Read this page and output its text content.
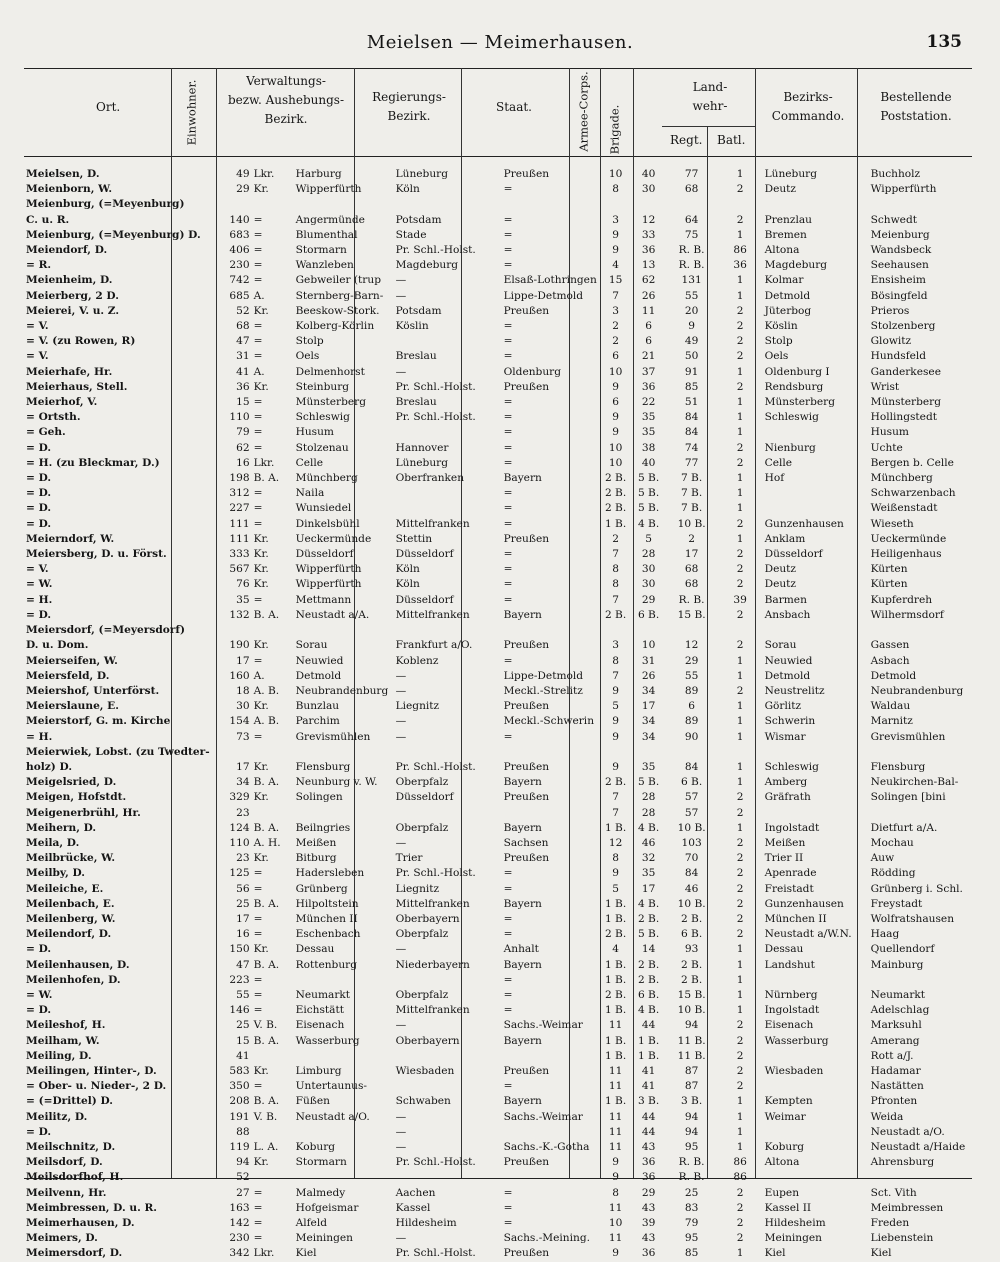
Meielsen — Meimerhausen.	135
Ort.	Einwohner.	Verwaltungs-
bezw. Aushebungs-
Bezirk.
Regierungs-
Bezirk.
Staat.	Armee-Corps. Brigade.
Land-
wehr-
Regt. Batl.
Bezirks-
Commando.
Bestellende
Poststation.
Meielsen, D.	49	Lkr.	Harburg	Lüneburg	Preußen	10	40	77	1	Lüneburg	Buchholz
Meienborn, W.	29	Kr.	Wipperfürth	Köln	=	8	30	68	2	Deutz	Wipperfürth
Meienburg, (=Meyenburg)											
C. u. R.	140	=	Angermünde	Potsdam	=	3	12	64	2	Prenzlau	Schwedt
Meienburg, (=Meyenburg) D.	683	=	Blumenthal	Stade	=	9	33	75	1	Bremen	Meienburg
Meiendorf, D.	406	=	Stormarn	Pr. Schl.-Holst.	=	9	36	R. B.	86	Altona	Wandsbeck
= R.	230	=	Wanzleben	Magdeburg	=	4	13	R. B.	36	Magdeburg	Seehausen
Meienheim, D.	742	=	Gebweiler (trup	—	Elsaß-Lothringen	15	62	131	1	Kolmar	Ensisheim
Meierberg, 2 D.	685	A.	Sternberg-Barn-	—	Lippe-Detmold	7	26	55	1	Detmold	Bösingfeld
Meierei, V. u. Z.	52	Kr.	Beeskow-Stork.	Potsdam	Preußen	3	11	20	2	Jüterbog	Prieros
= V.	68	=	Kolberg-Körlin	Köslin	=	2	6	9	2	Köslin	Stolzenberg
= V. (zu Rowen, R)	47	=	Stolp		=	2	6	49	2	Stolp	Glowitz
= V.	31	=	Oels	Breslau	=	6	21	50	2	Oels	Hundsfeld
Meierhafe, Hr.	41	A.	Delmenhorst	—	Oldenburg	10	37	91	1	Oldenburg I	Ganderkesee
Meierhaus, Stell.	36	Kr.	Steinburg	Pr. Schl.-Holst.	Preußen	9	36	85	2	Rendsburg	Wrist
Meierhof, V.	15	=	Münsterberg	Breslau	=	6	22	51	1	Münsterberg	Münsterberg
= Ortsth.	110	=	Schleswig	Pr. Schl.-Holst.	=	9	35	84	1	Schleswig	Hollingstedt
= Geh.	79	=	Husum		=	9	35	84	1		Husum
= D.	62	=	Stolzenau	Hannover	=	10	38	74	2	Nienburg	Uchte
= H. (zu Bleckmar, D.)	16	Lkr.	Celle	Lüneburg	=	10	40	77	2	Celle	Bergen b. Celle
= D.	198	B. A.	Münchberg	Oberfranken	Bayern	2 B.	5 B.	7 B.	1	Hof	Münchberg
= D.	312	=	Naila		=	2 B.	5 B.	7 B.	1		Schwarzenbach
= D.	227	=	Wunsiedel		=	2 B.	5 B.	7 B.	1		Weißenstadt
= D.	111	=	Dinkelsbühl	Mittelfranken	=	1 B.	4 B.	10 B.	2	Gunzenhausen	Wieseth
Meierndorf, W.	111	Kr.	Ueckermünde	Stettin	Preußen	2	5	2	1	Anklam	Ueckermünde
Meiersberg, D. u. Först.	333	Kr.	Düsseldorf	Düsseldorf	=	7	28	17	2	Düsseldorf	Heiligenhaus
= V.	567	Kr.	Wipperfürth	Köln	=	8	30	68	2	Deutz	Kürten
= W.	76	Kr.	Wipperfürth	Köln	=	8	30	68	2	Deutz	Kürten
= H.	35	=	Mettmann	Düsseldorf	=	7	29	R. B.	39	Barmen	Kupferdreh
= D.	132	B. A.	Neustadt a/A.	Mittelfranken	Bayern	2 B.	6 B.	15 B.	2	Ansbach	Wilhermsdorf
Meiersdorf, (=Meyersdorf)											
D. u. Dom.	190	Kr.	Sorau	Frankfurt a/O.	Preußen	3	10	12	2	Sorau	Gassen
Meierseifen, W.	17	=	Neuwied	Koblenz	=	8	31	29	1	Neuwied	Asbach
Meiersfeld, D.	160	A.	Detmold	—	Lippe-Detmold	7	26	55	1	Detmold	Detmold
Meiershof, Unterförst.	18	A. B.	Neubrandenburg	—	Meckl.-Strelitz	9	34	89	2	Neustrelitz	Neubrandenburg
Meierslaune, E.	30	Kr.	Bunzlau	Liegnitz	Preußen	5	17	6	1	Görlitz	Waldau
Meierstorf, G. m. Kirche	154	A. B.	Parchim	—	Meckl.-Schwerin	9	34	89	1	Schwerin	Marnitz
= H.	73	=	Grevismühlen	—	=	9	34	90	1	Wismar	Grevismühlen
Meierwiek, Lobst. (zu Twedter-											
holz) D.	17	Kr.	Flensburg	Pr. Schl.-Holst.	Preußen	9	35	84	1	Schleswig	Flensburg
Meigelsried, D.	34	B. A.	Neunburg v. W.	Oberpfalz	Bayern	2 B.	5 B.	6 B.	1	Amberg	Neukirchen-Bal-
Meigen, Hofstdt.	329	Kr.	Solingen	Düsseldorf	Preußen	7	28	57	2	Gräfrath	Solingen [bini
Meigenerbrühl, Hr.	23					7	28	57	2		
Meihern, D.	124	B. A.	Beilngries	Oberpfalz	Bayern	1 B.	4 B.	10 B.	1	Ingolstadt	Dietfurt a/A.
Meila, D.	110	A. H.	Meißen	—	Sachsen	12	46	103	2	Meißen	Mochau
Meilbrücke, W.	23	Kr.	Bitburg	Trier	Preußen	8	32	70	2	Trier II	Auw
Meilby, D.	125	=	Hadersleben	Pr. Schl.-Holst.	=	9	35	84	2	Apenrade	Rödding
Meileiche, E.	56	=	Grünberg	Liegnitz	=	5	17	46	2	Freistadt	Grünberg i. Schl.
Meilenbach, E.	25	B. A.	Hilpoltstein	Mittelfranken	Bayern	1 B.	4 B.	10 B.	2	Gunzenhausen	Freystadt
Meilenberg, W.	17	=	München II	Oberbayern	=	1 B.	2 B.	2 B.	2	München II	Wolfratshausen
Meilendorf, D.	16	=	Eschenbach	Oberpfalz	=	2 B.	5 B.	6 B.	2	Neustadt a/W.N.	Haag
= D.	150	Kr.	Dessau	—	Anhalt	4	14	93	1	Dessau	Quellendorf
Meilenhausen, D.	47	B. A.	Rottenburg	Niederbayern	Bayern	1 B.	2 B.	2 B.	1	Landshut	Mainburg
Meilenhofen, D.	223	=			=	1 B.	2 B.	2 B.	1		
= W.	55	=	Neumarkt	Oberpfalz	=	2 B.	6 B.	15 B.	1	Nürnberg	Neumarkt
= D.	146	=	Eichstätt	Mittelfranken	=	1 B.	4 B.	10 B.	1	Ingolstadt	Adelschlag
Meileshof, H.	25	V. B.	Eisenach	—	Sachs.-Weimar	11	44	94	2	Eisenach	Marksuhl
Meilham, W.	15	B. A.	Wasserburg	Oberbayern	Bayern	1 B.	1 B.	11 B.	2	Wasserburg	Amerang
Meiling, D.	41					1 B.	1 B.	11 B.	2		Rott a/J.
Meilingen, Hinter-, D.	583	Kr.	Limburg	Wiesbaden	Preußen	11	41	87	2	Wiesbaden	Hadamar
= Ober- u. Nieder-, 2 D.	350	=	Untertaunus-		=	11	41	87	2		Nastätten
= (=Drittel) D.	208	B. A.	Füßen	Schwaben	Bayern	1 B.	3 B.	3 B.	1	Kempten	Pfronten
Meilitz, D.	191	V. B.	Neustadt a/O.	—	Sachs.-Weimar	11	44	94	1	Weimar	Weida
= D.	88			—		11	44	94	1		Neustadt a/O.
Meilschnitz, D.	119	L. A.	Koburg	—	Sachs.-K.-Gotha	11	43	95	1	Koburg	Neustadt a/Haide
Meilsdorf, D.	94	Kr.	Stormarn	Pr. Schl.-Holst.	Preußen	9	36	R. B.	86	Altona	Ahrensburg
Meilsdorfhof, H.	52					9	36	R. B.	86		
Meilvenn, Hr.	27	=	Malmedy	Aachen	=	8	29	25	2	Eupen	Sct. Vith
Meimbressen, D. u. R.	163	=	Hofgeismar	Kassel	=	11	43	83	2	Kassel II	Meimbressen
Meimerhausen, D.	142	=	Alfeld	Hildesheim	=	10	39	79	2	Hildesheim	Freden
Meimers, D.	230	=	Meiningen	—	Sachs.-Meining.	11	43	95	2	Meiningen	Liebenstein
Meimersdorf, D.	342	Lkr.	Kiel	Pr. Schl.-Holst.	Preußen	9	36	85	1	Kiel	Kiel
